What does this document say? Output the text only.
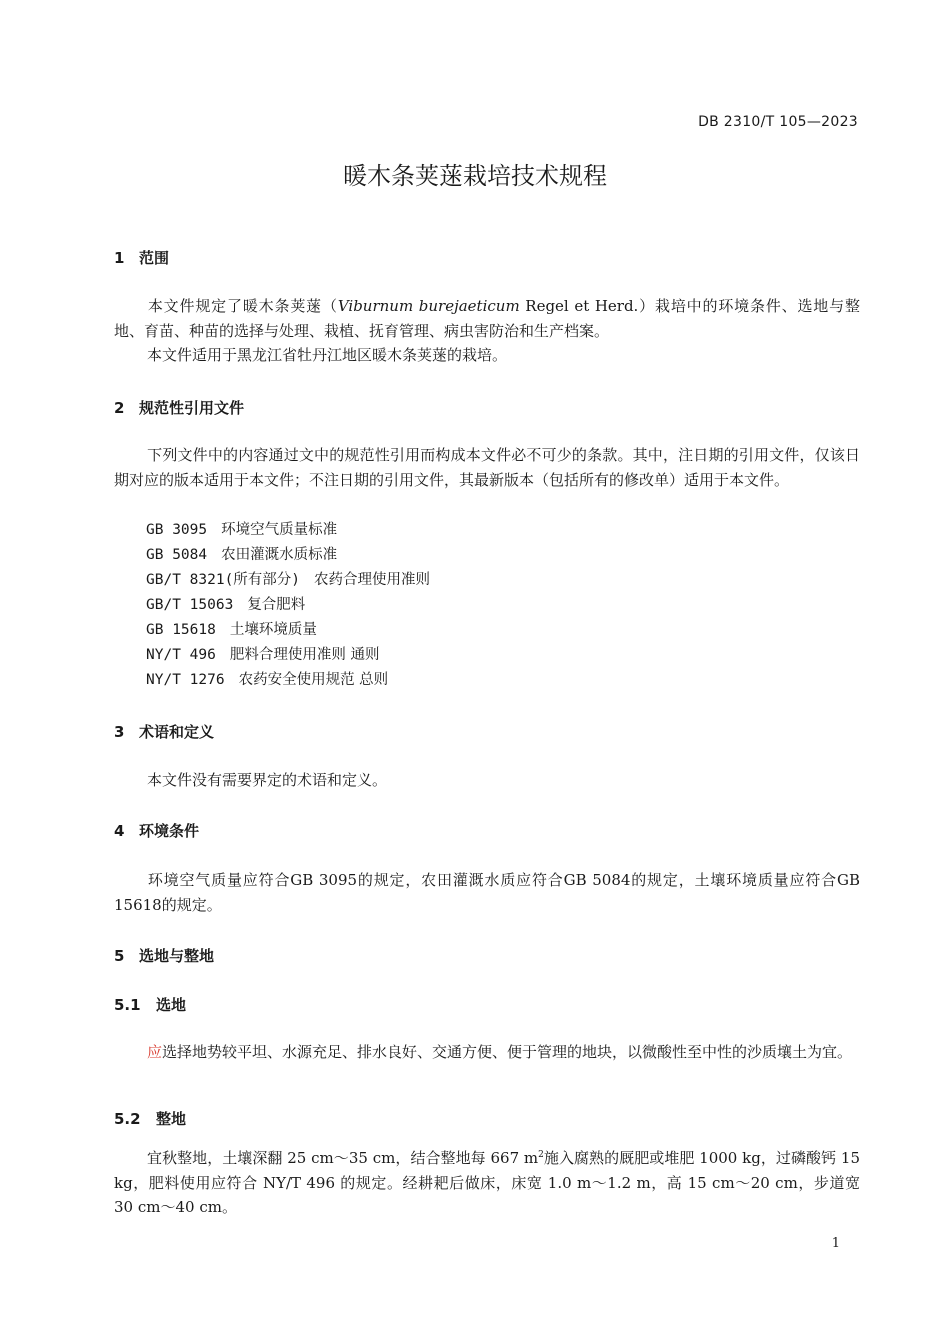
DB 2310/T 105—2023
暖木条荚蒾栽培技术规程
1 范围
本文件规定了暖木条荚蒾（Viburnum burejaeticum Regel et Herd.）栽培中的环境条件、选地与整地、育苗、种苗的选择与处理、栽植、抚育管理、病虫害防治和生产档案。
本文件适用于黑龙江省牡丹江地区暖木条荚蒾的栽培。
2 规范性引用文件
下列文件中的内容通过文中的规范性引用而构成本文件必不可少的条款。其中，注日期的引用文件，仅该日期对应的版本适用于本文件；不注日期的引用文件，其最新版本（包括所有的修改单）适用于本文件。
GB 3095 环境空气质量标准
GB 5084 农田灌溉水质标准
GB/T 8321(所有部分) 农药合理使用准则
GB/T 15063 复合肥料
GB 15618 土壤环境质量
NY/T 496 肥料合理使用准则 通则
NY/T 1276 农药安全使用规范 总则
3 术语和定义
本文件没有需要界定的术语和定义。
4 环境条件
环境空气质量应符合GB 3095的规定，农田灌溉水质应符合GB 5084的规定，土壤环境质量应符合GB 15618的规定。
5 选地与整地
5.1 选地
应选择地势较平坦、水源充足、排水良好、交通方便、便于管理的地块，以微酸性至中性的沙质壤土为宜。
5.2 整地
宜秋整地，土壤深翻 25 cm～35 cm，结合整地每 667 $m^2$施入腐熟的厩肥或堆肥 1000 kg，过磷酸钙 15 kg，肥料使用应符合 NY/T 496 的规定。经耕耙后做床，床宽 1.0 m～1.2 m，高 15 cm～20 cm，步道宽 30 cm～40 cm。
1
